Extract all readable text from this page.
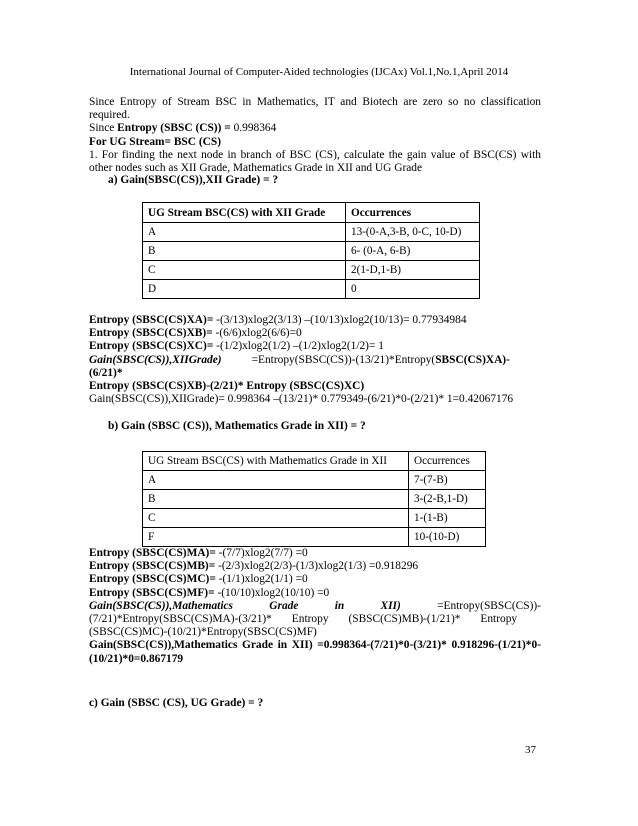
International Journal of Computer-Aided technologies (IJCAx) Vol.1,No.1,April 2014
Since Entropy of Stream BSC in Mathematics, IT and Biotech are zero so no classification
required.
Since Entropy (SBSC (CS)) = 0.998364
For UG Stream= BSC (CS)
1. For finding the next node in branch of BSC (CS), calculate the gain value of BSC(CS) with
other nodes such as XII Grade, Mathematics Grade in XII and UG Grade
a) Gain(SBSC(CS)),XII Grade) = ?
UG Stream BSC(CS) with XII Grade	Occurrences
A	13-(0-A,3-B, 0-C, 10-D)
B	6- (0-A, 6-B)
C	2(1-D,1-B)
D	0
Entropy (SBSC(CS)XA)= -(3/13)xlog2(3/13) –(10/13)xlog2(10/13)= 0.77934984
Entropy (SBSC(CS)XB)= -(6/6)xlog2(6/6)=0
Entropy (SBSC(CS)XC)= -(1/2)xlog2(1/2) –(1/2)xlog2(1/2)= 1
Gain(SBSC(CS)),XIIGrade)	=Entropy(SBSC(CS))-(13/21)*Entropy(SBSC(CS)XA)-(6/21)*
Entropy (SBSC(CS)XB)-(2/21)* Entropy (SBSC(CS)XC)
Gain(SBSC(CS)),XIIGrade)= 0.998364 –(13/21)* 0.779349-(6/21)*0-(2/21)* 1=0.42067176
b) Gain (SBSC (CS)), Mathematics Grade in XII) = ?
UG Stream BSC(CS) with Mathematics Grade in XII	Occurrences
A	7-(7-B)
B	3-(2-B,1-D)
C	1-(1-B)
F	10-(10-D)
Entropy (SBSC(CS)MA)= -(7/7)xlog2(7/7) =0
Entropy (SBSC(CS)MB)= -(2/3)xlog2(2/3)-(1/3)xlog2(1/3) =0.918296
Entropy (SBSC(CS)MC)= -(1/1)xlog2(1/1) =0
Entropy (SBSC(CS)MF)= -(10/10)xlog2(10/10) =0
Gain(SBSC(CS)),Mathematics	Grade	in	XII)	=Entropy(SBSC(CS))-
(7/21)*Entropy(SBSC(CS)MA)-(3/21)*       Entropy       (SBSC(CS)MB)-(1/21)*       Entropy
(SBSC(CS)MC)-(10/21)*Entropy(SBSC(CS)MF)
Gain(SBSC(CS)),Mathematics Grade in XII) =0.998364-(7/21)*0-(3/21)* 0.918296-(1/21)*0-
(10/21)*0=0.867179
c) Gain (SBSC (CS), UG Grade) = ?
37
